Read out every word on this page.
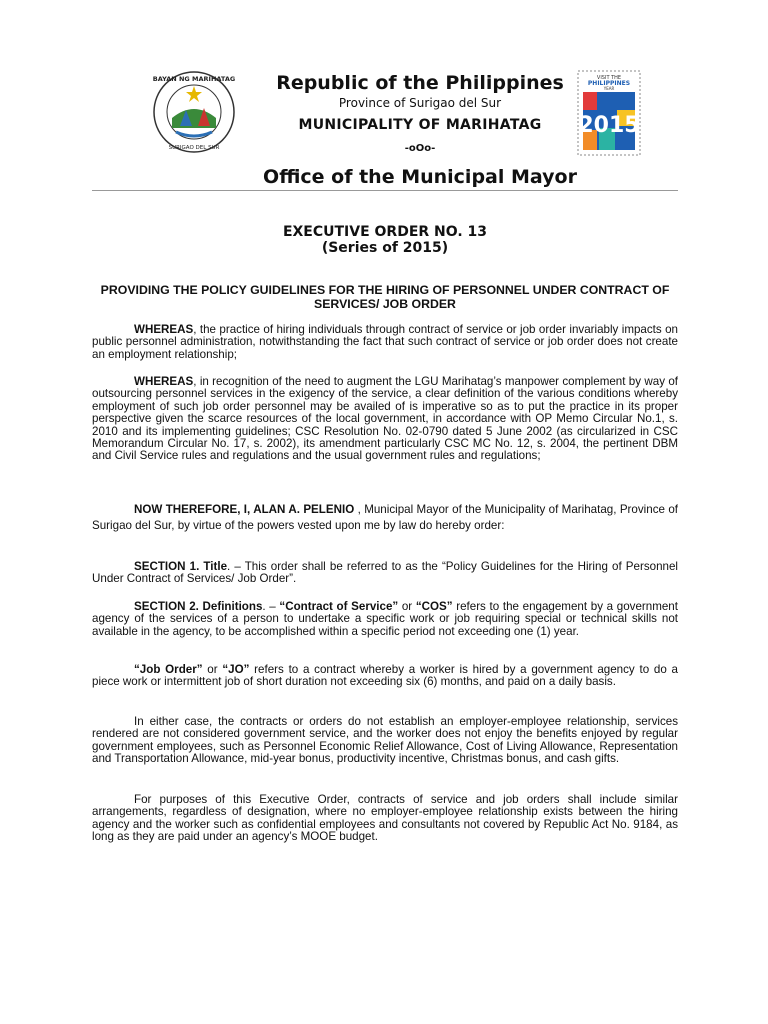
BAYAN NG MARIHATAG
SURIGAO DEL SUR
VISIT THE
PHILIPPINES
YEAR
2015
Republic of the Philippines
Province of Surigao del Sur
MUNICIPALITY OF MARIHATAG
-oOo-
Office of the Municipal Mayor
EXECUTIVE ORDER NO. 13
(Series of 2015)
PROVIDING THE POLICY GUIDELINES FOR THE HIRING OF PERSONNEL UNDER CONTRACT OF SERVICES/ JOB ORDER

WHEREAS, the practice of hiring individuals through contract of service or job order invariably impacts on public personnel administration, notwithstanding the fact that such contract of service or job order does not create an employment relationship;

WHEREAS, in recognition of the need to augment the LGU Marihatag’s manpower complement by way of outsourcing personnel services in the exigency of the service, a clear definition of the various conditions whereby employment of such job order personnel may be availed of is imperative so as to put the practice in its proper perspective given the scarce resources of the local government, in accordance with OP Memo Circular No.1, s. 2010 and its implementing guidelines; CSC Resolution No. 02-0790 dated 5 June 2002 (as circularized in CSC Memorandum Circular No. 17, s. 2002), its amendment particularly CSC MC No. 12, s. 2004, the pertinent DBM and Civil Service rules and regulations and the usual government rules and regulations;

NOW THEREFORE, I, ALAN A. PELENIO , Municipal Mayor of the Municipality of Marihatag, Province of Surigao del Sur, by virtue of the powers vested upon me by law do hereby order:

SECTION 1. Title. – This order shall be referred to as the “Policy Guidelines for the Hiring of Personnel Under Contract of Services/ Job Order”.

SECTION 2. Definitions. – “Contract of Service” or “COS” refers to the engagement by a government agency of the services of a person to undertake a specific work or job requiring special or technical skills not available in the agency, to be accomplished within a specific period not exceeding one (1) year.

“Job Order” or “JO” refers to a contract whereby a worker is hired by a government agency to do a piece work or intermittent job of short duration not exceeding six (6) months, and paid on a daily basis.

In either case, the contracts or orders do not establish an employer-employee relationship, services rendered are not considered government service, and the worker does not enjoy the benefits enjoyed by regular government employees, such as Personnel Economic Relief Allowance, Cost of Living Allowance, Representation and Transportation Allowance, mid-year bonus, productivity incentive, Christmas bonus, and cash gifts.

For purposes of this Executive Order, contracts of service and job orders shall include similar arrangements, regardless of designation, where no employer-employee relationship exists between the hiring agency and the worker such as confidential employees and consultants not covered by Republic Act No. 9184, as long as they are paid under an agency’s MOOE budget.
